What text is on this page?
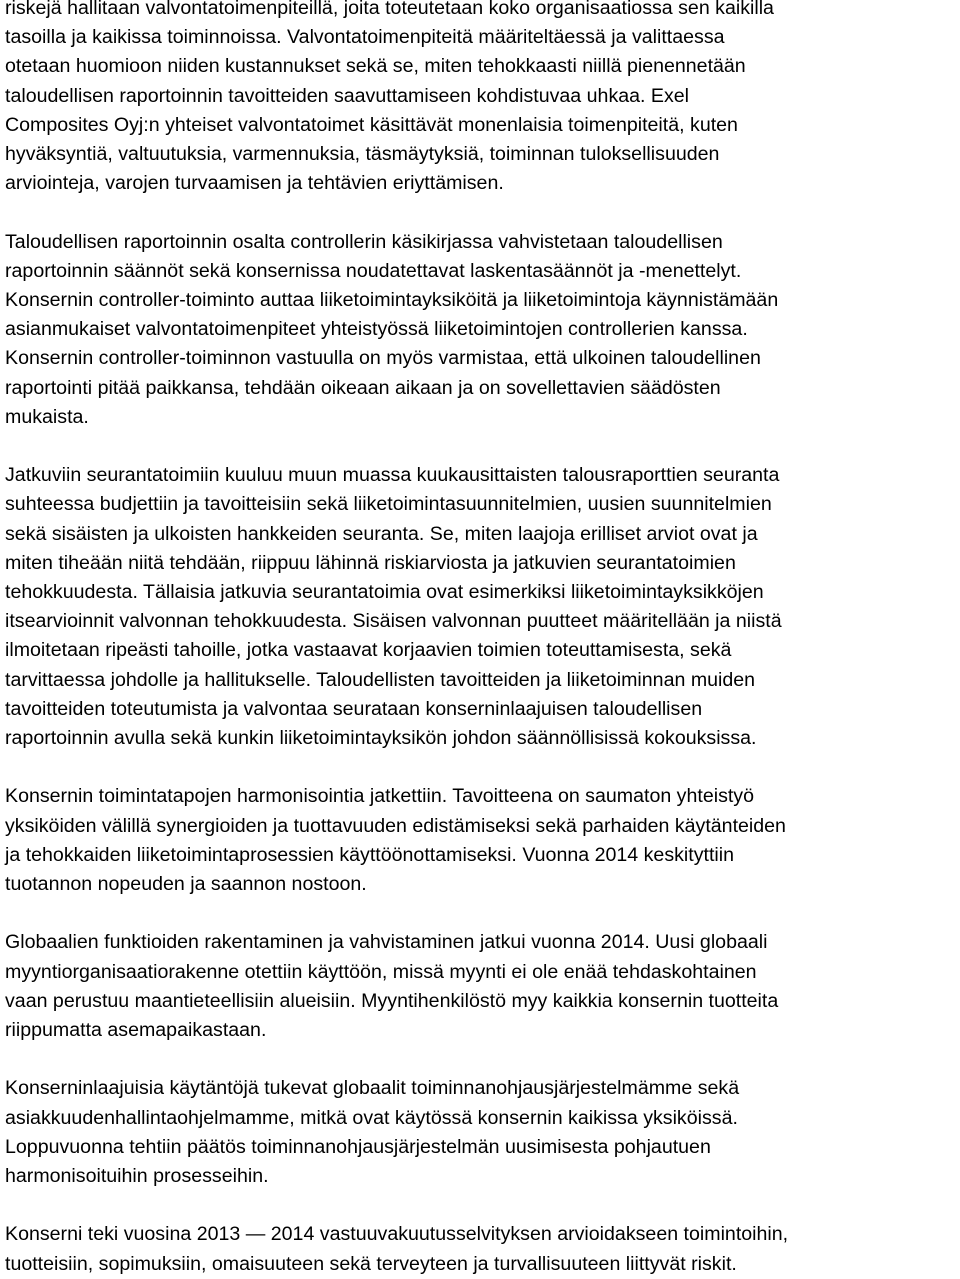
riskejä hallitaan valvontatoimenpiteillä, joita toteutetaan koko organisaatiossa sen kaikilla
tasoilla ja kaikissa toiminnoissa. Valvontatoimenpiteitä määriteltäessä ja valittaessa
otetaan huomioon niiden kustannukset sekä se, miten tehokkaasti niillä pienennetään
taloudellisen raportoinnin tavoitteiden saavuttamiseen kohdistuvaa uhkaa. Exel
Composites Oyj:n yhteiset valvontatoimet käsittävät monenlaisia toimenpiteitä, kuten
hyväksyntiä, valtuutuksia, varmennuksia, täsmäytyksiä, toiminnan tuloksellisuuden
arviointeja, varojen turvaamisen ja tehtävien eriyttämisen.

Taloudellisen raportoinnin osalta controllerin käsikirjassa vahvistetaan taloudellisen
raportoinnin säännöt sekä konsernissa noudatettavat laskentasäännöt ja -menettelyt.
Konsernin controller-toiminto auttaa liiketoimintayksiköitä ja liiketoimintoja käynnistämään
asianmukaiset valvontatoimenpiteet yhteistyössä liiketoimintojen controllerien kanssa.
Konsernin controller-toiminnon vastuulla on myös varmistaa, että ulkoinen taloudellinen
raportointi pitää paikkansa, tehdään oikeaan aikaan ja on sovellettavien säädösten
mukaista.

Jatkuviin seurantatoimiin kuuluu muun muassa kuukausittaisten talousraporttien seuranta
suhteessa budjettiin ja tavoitteisiin sekä liiketoimintasuunnitelmien, uusien suunnitelmien
sekä sisäisten ja ulkoisten hankkeiden seuranta. Se, miten laajoja erilliset arviot ovat ja
miten tiheään niitä tehdään, riippuu lähinnä riskiarviosta ja jatkuvien seurantatoimien
tehokkuudesta. Tällaisia jatkuvia seurantatoimia ovat esimerkiksi liiketoimintayksikköjen
itsearvioinnit valvonnan tehokkuudesta. Sisäisen valvonnan puutteet määritellään ja niistä
ilmoitetaan ripeästi tahoille, jotka vastaavat korjaavien toimien toteuttamisesta, sekä
tarvittaessa johdolle ja hallitukselle. Taloudellisten tavoitteiden ja liiketoiminnan muiden
tavoitteiden toteutumista ja valvontaa seurataan konserninlaajuisen taloudellisen
raportoinnin avulla sekä kunkin liiketoimintayksikön johdon säännöllisissä kokouksissa.

Konsernin toimintatapojen harmonisointia jatkettiin. Tavoitteena on saumaton yhteistyö
yksiköiden välillä synergioiden ja tuottavuuden edistämiseksi sekä parhaiden käytänteiden
ja tehokkaiden liiketoimintaprosessien käyttöönottamiseksi. Vuonna 2014 keskityttiin
tuotannon nopeuden ja saannon nostoon.

Globaalien funktioiden rakentaminen ja vahvistaminen jatkui vuonna 2014. Uusi globaali
myyntiorganisaatiorakenne otettiin käyttöön, missä myynti ei ole enää tehdaskohtainen
vaan perustuu maantieteellisiin alueisiin. Myyntihenkilöstö myy kaikkia konsernin tuotteita
riippumatta asemapaikastaan.

Konserninlaajuisia käytäntöjä tukevat globaalit toiminnanohjausjärjestelmämme sekä
asiakkuudenhallintaohjelmamme, mitkä ovat käytössä konsernin kaikissa yksiköissä.
Loppuvuonna tehtiin päätös toiminnanohjausjärjestelmän uusimisesta pohjautuen
harmonisoituihin prosesseihin.

Konserni teki vuosina 2013 — 2014 vastuuvakuutusselvityksen arvioidakseen toimintoihin,
tuotteisiin, sopimuksiin, omaisuuteen sekä terveyteen ja turvallisuuteen liittyvät riskit.
